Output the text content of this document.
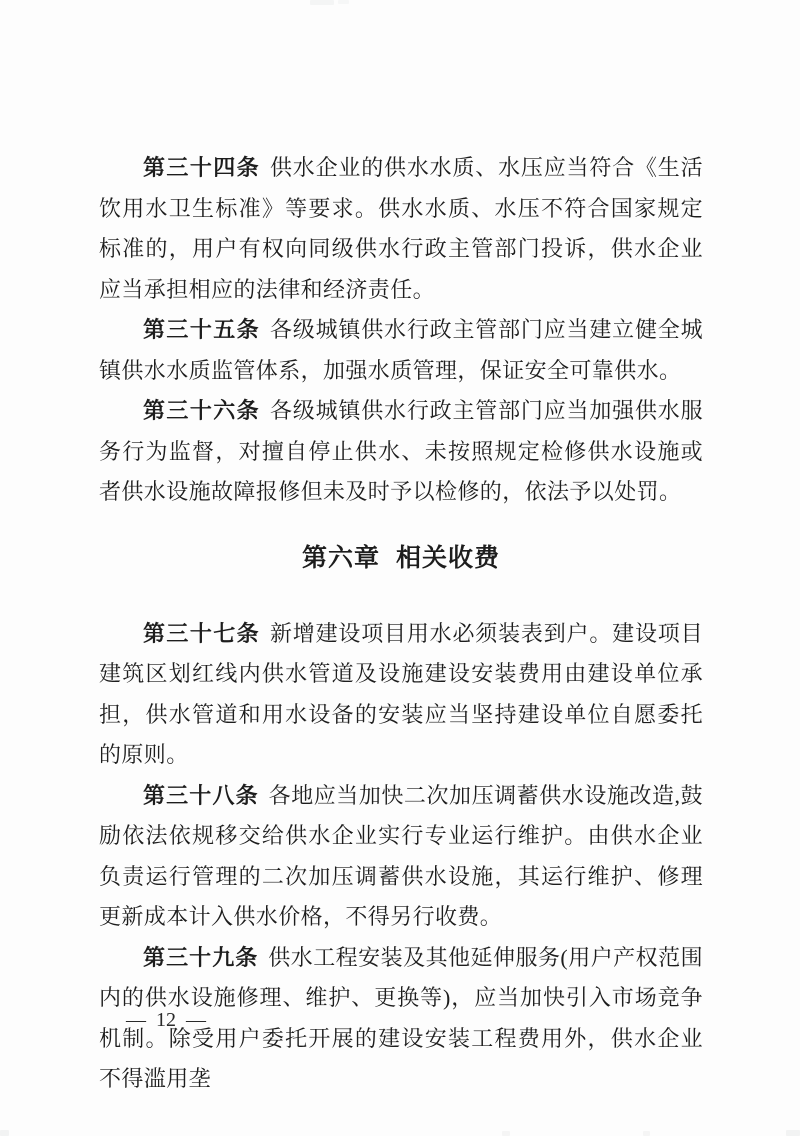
第三十四条 供水企业的供水水质、水压应当符合《生活饮用水卫生标准》等要求。供水水质、水压不符合国家规定标准的，用户有权向同级供水行政主管部门投诉，供水企业应当承担相应的法律和经济责任。

第三十五条 各级城镇供水行政主管部门应当建立健全城镇供水水质监管体系，加强水质管理，保证安全可靠供水。

第三十六条 各级城镇供水行政主管部门应当加强供水服务行为监督，对擅自停止供水、未按照规定检修供水设施或者供水设施故障报修但未及时予以检修的，依法予以处罚。

第六章 相关收费

第三十七条 新增建设项目用水必须装表到户。建设项目建筑区划红线内供水管道及设施建设安装费用由建设单位承担，供水管道和用水设备的安装应当坚持建设单位自愿委托的原则。

第三十八条 各地应当加快二次加压调蓄供水设施改造,鼓励依法依规移交给供水企业实行专业运行维护。由供水企业负责运行管理的二次加压调蓄供水设施，其运行维护、修理更新成本计入供水价格，不得另行收费。

第三十九条 供水工程安装及其他延伸服务(用户产权范围内的供水设施修理、维护、更换等)，应当加快引入市场竞争机制。除受用户委托开展的建设安装工程费用外，供水企业不得滥用垄

— 12 —
